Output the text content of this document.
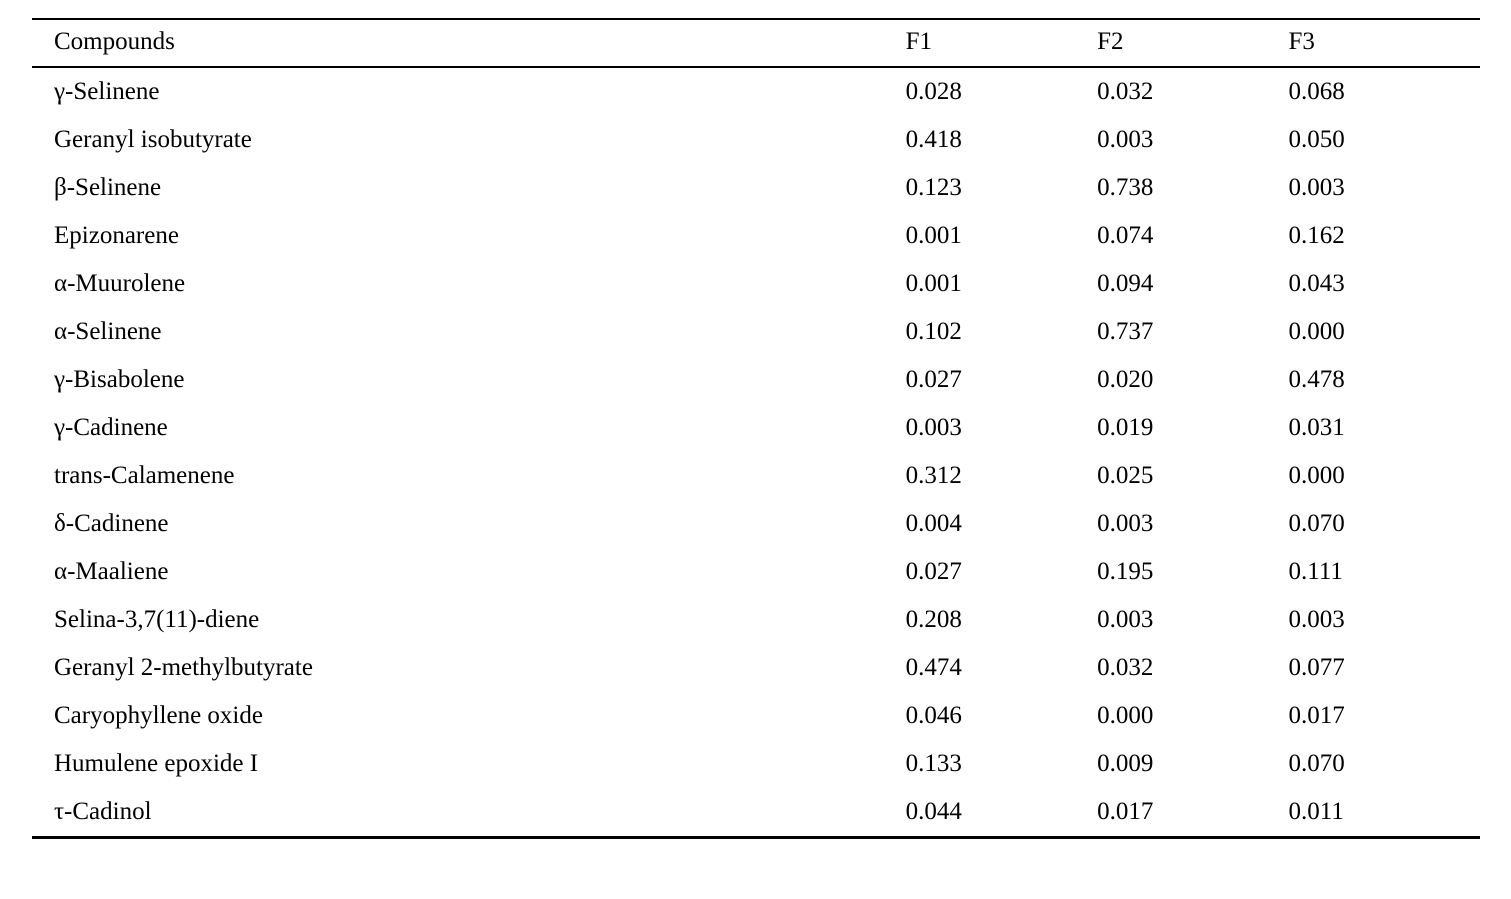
Compounds	F1	F2	F3
γ-Selinene	0.028	0.032	0.068
Geranyl isobutyrate	0.418	0.003	0.050
β-Selinene	0.123	0.738	0.003
Epizonarene	0.001	0.074	0.162
α-Muurolene	0.001	0.094	0.043
α-Selinene	0.102	0.737	0.000
γ-Bisabolene	0.027	0.020	0.478
γ-Cadinene	0.003	0.019	0.031
trans-Calamenene	0.312	0.025	0.000
δ-Cadinene	0.004	0.003	0.070
α-Maaliene	0.027	0.195	0.111
Selina-3,7(11)-diene	0.208	0.003	0.003
Geranyl 2-methylbutyrate	0.474	0.032	0.077
Caryophyllene oxide	0.046	0.000	0.017
Humulene epoxide I	0.133	0.009	0.070
τ-Cadinol	0.044	0.017	0.011
